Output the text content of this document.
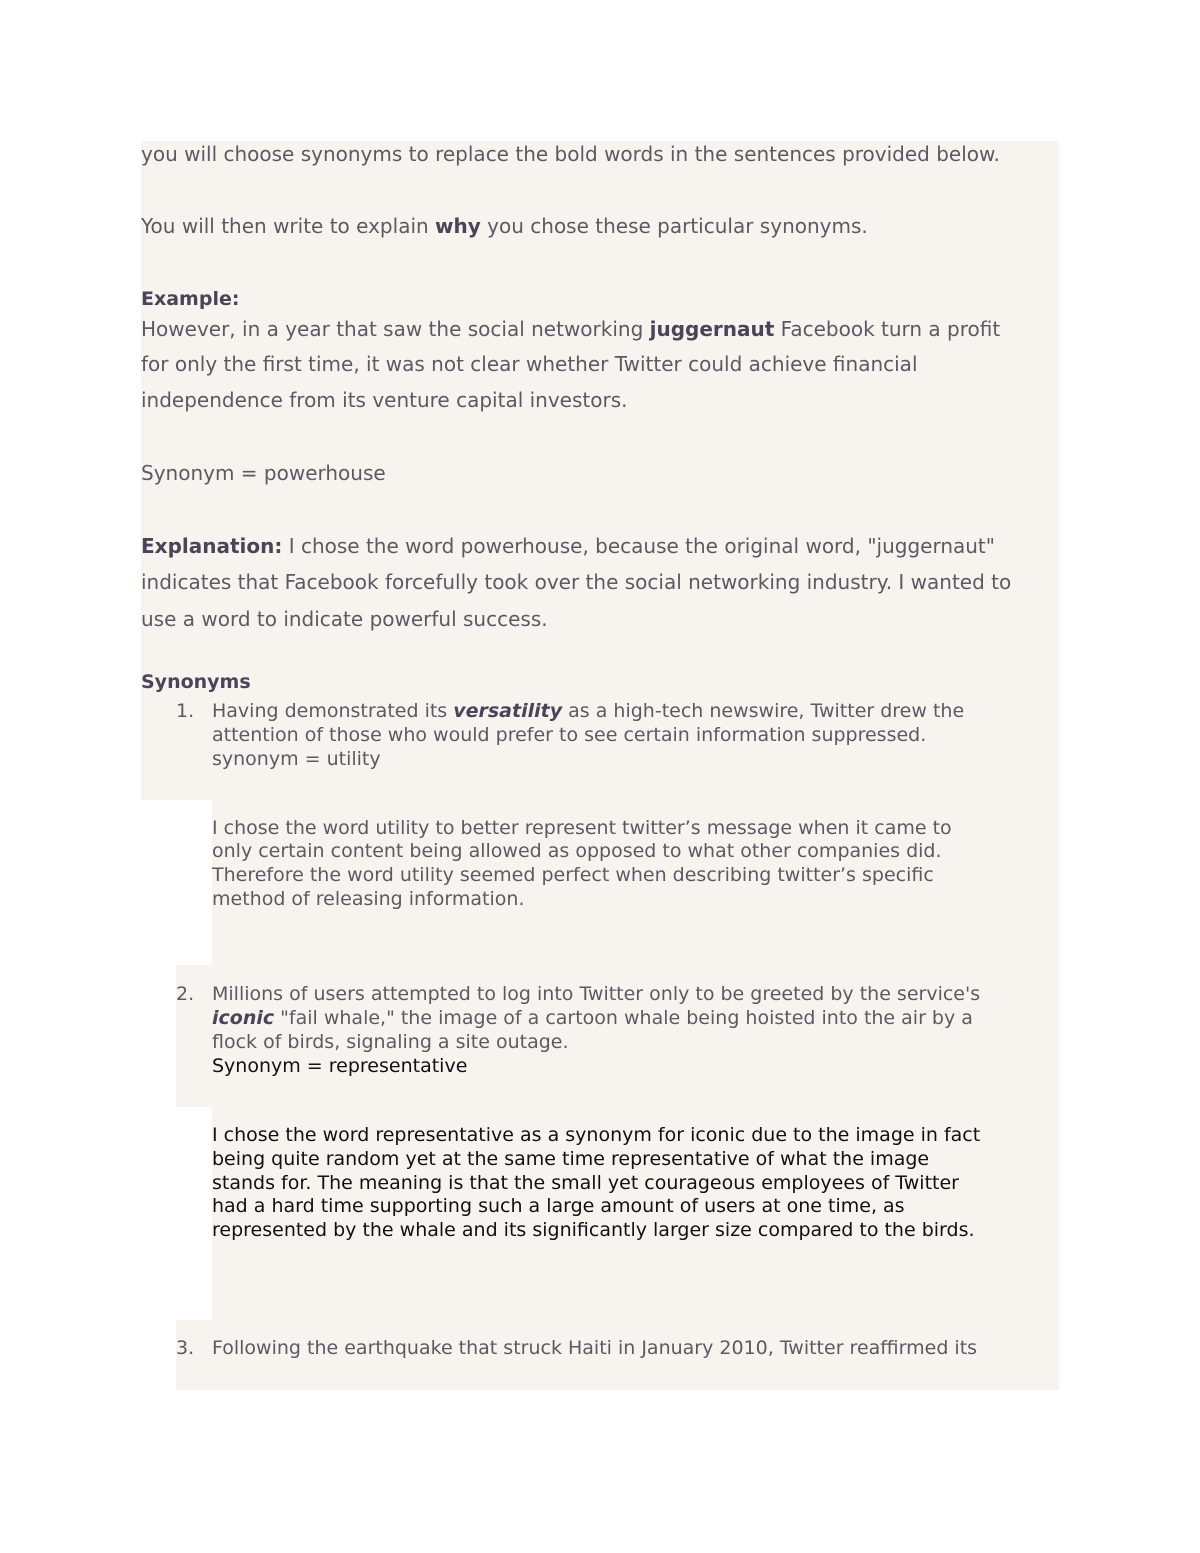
you will choose synonyms to replace the bold words in the sentences provided below.
You will then write to explain why you chose these particular synonyms.
Example:
However, in a year that saw the social networking juggernaut Facebook turn a profit
for only the first time, it was not clear whether Twitter could achieve financial
independence from its venture capital investors.
Synonym = powerhouse
Explanation: I chose the word powerhouse, because the original word, "juggernaut"
indicates that Facebook forcefully took over the social networking industry. I wanted to
use a word to indicate powerful success.
Synonyms
1. Having demonstrated its versatility as a high-tech newswire, Twitter drew the
attention of those who would prefer to see certain information suppressed.
synonym = utility
I chose the word utility to better represent twitter’s message when it came to
only certain content being allowed as opposed to what other companies did.
Therefore the word utility seemed perfect when describing twitter’s specific
method of releasing information.
2. Millions of users attempted to log into Twitter only to be greeted by the service's
iconic "fail whale," the image of a cartoon whale being hoisted into the air by a
flock of birds, signaling a site outage.
Synonym = representative
I chose the word representative as a synonym for iconic due to the image in fact
being quite random yet at the same time representative of what the image
stands for. The meaning is that the small yet courageous employees of Twitter
had a hard time supporting such a large amount of users at one time, as
represented by the whale and its significantly larger size compared to the birds.
3. Following the earthquake that struck Haiti in January 2010, Twitter reaffirmed its
